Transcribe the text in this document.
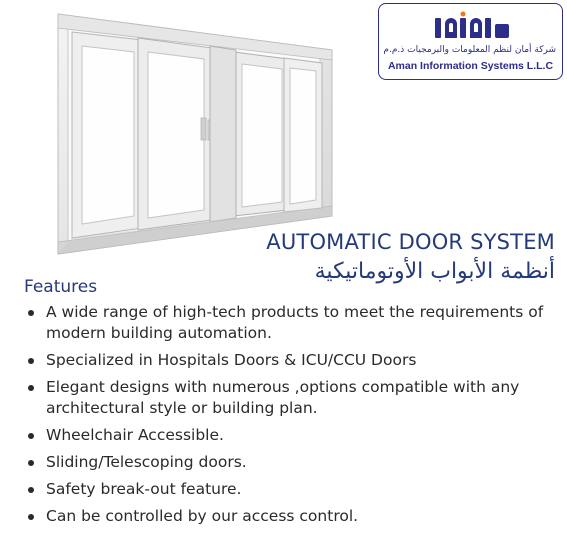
شركة أمان لنظم المعلومات والبرمجيات ذ.م.م
Aman Information Systems L.L.C
AUTOMATIC DOOR SYSTEM
أنظمة الأبواب الأوتوماتيكية
Features
A wide range of high-tech products to meet the requirements of modern building automation.
Specialized in Hospitals Doors & ICU/CCU Doors
Elegant designs with numerous ,options compatible with any architectural style or building plan.
Wheelchair Accessible.
Sliding/Telescoping doors.
Safety break-out feature.
Can be controlled by our access control.
